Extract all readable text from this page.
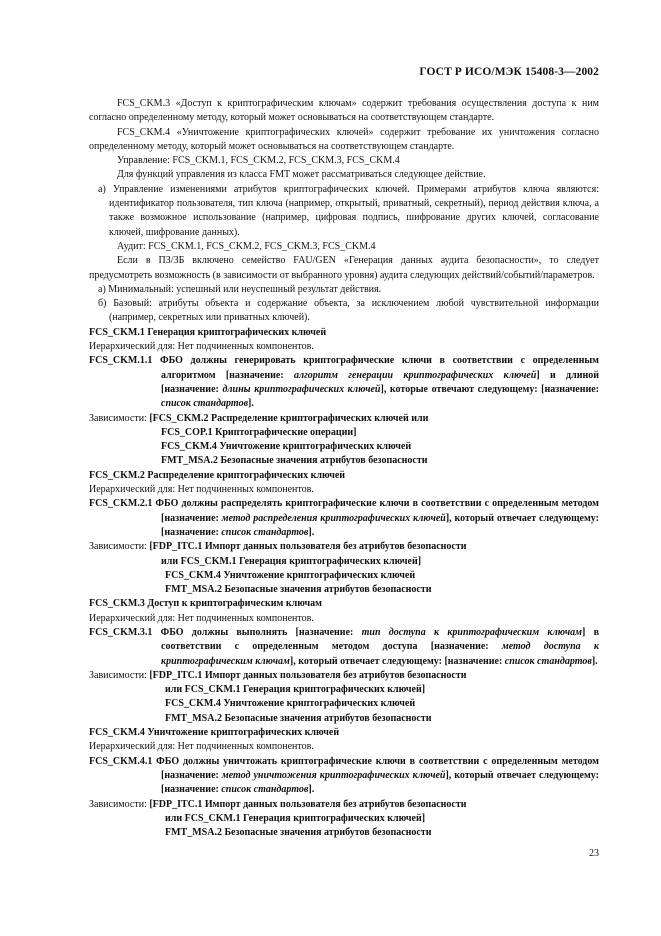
ГОСТ Р ИСО/МЭК 15408-3—2002

FCS_CKM.3 «Доступ к криптографическим ключам» содержит требования осуществления доступа к ним согласно определенному методу, который может основываться на соответствующем стандарте.

FCS_CKM.4 «Уничтожение криптографических ключей» содержит требование их уничтожения согласно определенному методу, который может основываться на соответствующем стандарте.

Управление: FCS_CKM.1, FCS_CKM.2, FCS_CKM.3, FCS_CKM.4

Для функций управления из класса FMT может рассматриваться следующее действие.

а) Управление изменениями атрибутов криптографических ключей. Примерами атрибутов ключа являются: идентификатор пользователя, тип ключа (например, открытый, приватный, секретный), период действия ключа, а также возможное использование (например, цифровая подпись, шифрование других ключей, согласование ключей, шифрование данных).

Аудит: FCS_CKM.1, FCS_CKM.2, FCS_CKM.3, FCS_CKM.4

Если в ПЗ/ЗБ включено семейство FAU/GEN «Генерация данных аудита безопасности», то следует предусмотреть возможность (в зависимости от выбранного уровня) аудита следующих действий/событий/параметров.

а) Минимальный: успешный или неуспешный результат действия.

б) Базовый: атрибуты объекта и содержание объекта, за исключением любой чувствительной информации (например, секретных или приватных ключей).

FCS_CKM.1 Генерация криптографических ключей

Иерархический для: Нет подчиненных компонентов.

FCS_CKM.1.1 ФБО должны генерировать криптографические ключи в соответствии с определенным алгоритмом [назначение: алгоритм генерации криптографических ключей] и длиной [назначение: длины криптографических ключей], которые отвечают следующему: [назначение: список стандартов].

Зависимости: [FCS_CKM.2 Распределение криптографических ключей или

FCS_COP.1 Криптографические операции]

FCS_CKM.4 Уничтожение криптографических ключей

FMT_MSA.2 Безопасные значения атрибутов безопасности

FCS_CKM.2 Распределение криптографических ключей

Иерархический для: Нет подчиненных компонентов.

FCS_CKM.2.1 ФБО должны распределять криптографические ключи в соответствии с определенным методом [назначение: метод распределения криптографических ключей], который отвечает следующему: [назначение: список стандартов].

Зависимости: [FDP_ITC.1 Импорт данных пользователя без атрибутов безопасности

или FCS_CKM.1 Генерация криптографических ключей]

FCS_CKM.4 Уничтожение криптографических ключей

FMT_MSA.2 Безопасные значения атрибутов безопасности

FCS_CKM.3 Доступ к криптографическим ключам

Иерархический для: Нет подчиненных компонентов.

FCS_CKM.3.1 ФБО должны выполнять [назначение: тип доступа к криптографическим ключам] в соответствии с определенным методом доступа [назначение: метод доступа к криптографическим ключам], который отвечает следующему: [назначение: список стандартов].

Зависимости: [FDP_ITC.1 Импорт данных пользователя без атрибутов безопасности

или FCS_CKM.1 Генерация криптографических ключей]

FCS_CKM.4 Уничтожение криптографических ключей

FMT_MSA.2 Безопасные значения атрибутов безопасности

FCS_CKM.4 Уничтожение криптографических ключей

Иерархический для: Нет подчиненных компонентов.

FCS_CKM.4.1 ФБО должны уничтожать криптографические ключи в соответствии с определенным методом [назначение: метод уничтожения криптографических ключей], который отвечает следующему: [назначение: список стандартов].

Зависимости: [FDP_ITC.1 Импорт данных пользователя без атрибутов безопасности

или FCS_CKM.1 Генерация криптографических ключей]

FMT_MSA.2 Безопасные значения атрибутов безопасности

23
